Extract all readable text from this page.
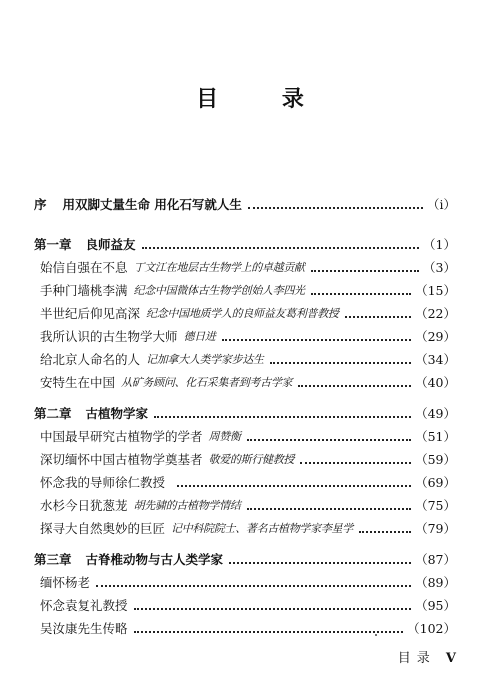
目 录
序 用双脚丈量生命 用化石写就人生	（ⅰ）
第一章 良师益友	（1）
始信自强在不息 丁文江在地层古生物学上的卓越贡献	（3）
手种门墙桃李满 纪念中国微体古生物学创始人李四光	（15）
半世纪后仰见高深 纪念中国地质学人的良师益友葛利普教授	（22）
我所认识的古生物学大师 德日进	（29）
给北京人命名的人 记加拿大人类学家步达生	（34）
安特生在中国 从矿务顾问、化石采集者到考古学家	（40）
第二章 古植物学家	（49）
中国最早研究古植物学的学者 周赞衡	（51）
深切缅怀中国古植物学奠基者 敬爱的斯行健教授	（59）
怀念我的导师徐仁教授	（69）
水杉今日犹葱茏 胡先骕的古植物学情结	（75）
探寻大自然奥妙的巨匠 记中科院院士、著名古植物学家李星学	（79）
第三章 古脊椎动物与古人类学家	（87）
缅怀杨老	（89）
怀念袁复礼教授	（95）
吴汝康先生传略	（102）
目录 V
